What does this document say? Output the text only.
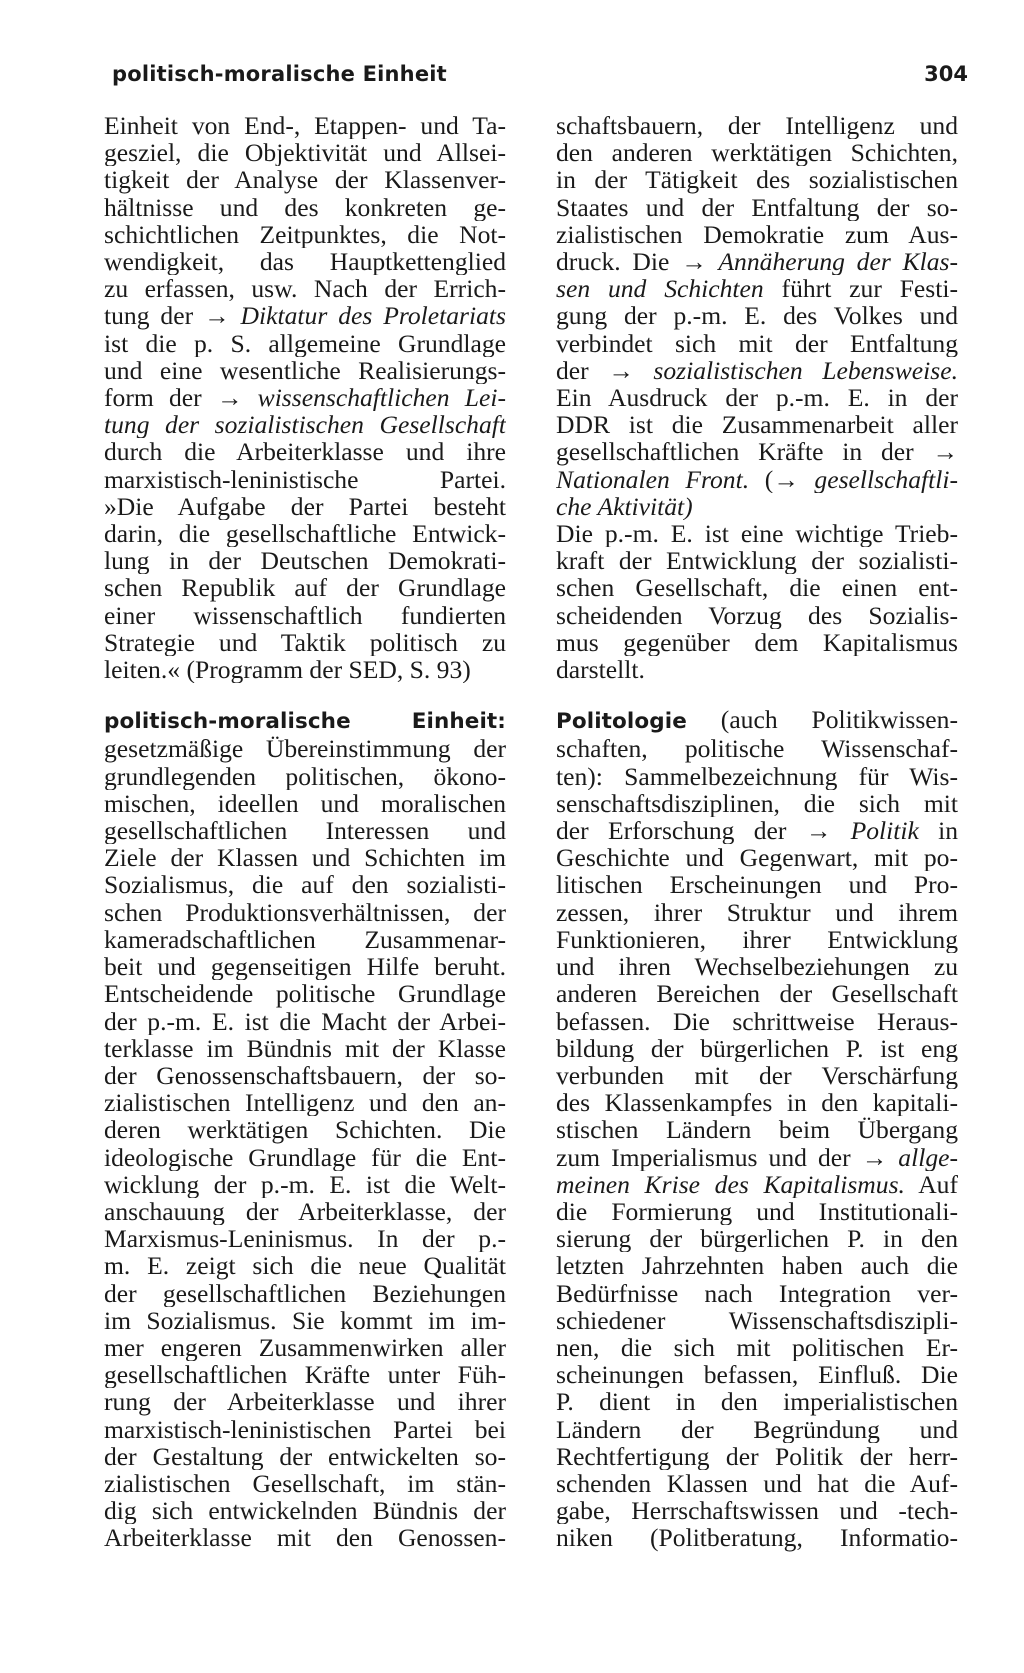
politisch-moralische Einheit	304
Einheit von End-, Etappen- und Ta-
gesziel, die Objektivität und Allsei-
tigkeit der Analyse der Klassenver-
hältnisse und des konkreten ge-
schichtlichen Zeitpunktes, die Not-
wendigkeit, das Hauptkettenglied
zu erfassen, usw. Nach der Errich-
tung der → Diktatur des Proletariats
ist die p. S. allgemeine Grundlage
und eine wesentliche Realisierungs-
form der → wissenschaftlichen Lei-
tung der sozialistischen Gesellschaft
durch die Arbeiterklasse und ihre
marxistisch-leninistische Partei.
»Die Aufgabe der Partei besteht
darin, die gesellschaftliche Entwick-
lung in der Deutschen Demokrati-
schen Republik auf der Grundlage
einer wissenschaftlich fundierten
Strategie und Taktik politisch zu
leiten.« (Programm der SED, S. 93)
politisch-moralische Einheit:
gesetzmäßige Übereinstimmung der
grundlegenden politischen, ökono-
mischen, ideellen und moralischen
gesellschaftlichen Interessen und
Ziele der Klassen und Schichten im
Sozialismus, die auf den sozialisti-
schen Produktionsverhältnissen, der
kameradschaftlichen Zusammenar-
beit und gegenseitigen Hilfe beruht.
Entscheidende politische Grundlage
der p.-m. E. ist die Macht der Arbei-
terklasse im Bündnis mit der Klasse
der Genossenschaftsbauern, der so-
zialistischen Intelligenz und den an-
deren werktätigen Schichten. Die
ideologische Grundlage für die Ent-
wicklung der p.-m. E. ist die Welt-
anschauung der Arbeiterklasse, der
Marxismus-Leninismus. In der p.-
m. E. zeigt sich die neue Qualität
der gesellschaftlichen Beziehungen
im Sozialismus. Sie kommt im im-
mer engeren Zusammenwirken aller
gesellschaftlichen Kräfte unter Füh-
rung der Arbeiterklasse und ihrer
marxistisch-leninistischen Partei bei
der Gestaltung der entwickelten so-
zialistischen Gesellschaft, im stän-
dig sich entwickelnden Bündnis der
Arbeiterklasse mit den Genossen-
schaftsbauern, der Intelligenz und
den anderen werktätigen Schichten,
in der Tätigkeit des sozialistischen
Staates und der Entfaltung der so-
zialistischen Demokratie zum Aus-
druck. Die → Annäherung der Klas-
sen und Schichten führt zur Festi-
gung der p.-m. E. des Volkes und
verbindet sich mit der Entfaltung
der → sozialistischen Lebensweise.
Ein Ausdruck der p.-m. E. in der
DDR ist die Zusammenarbeit aller
gesellschaftlichen Kräfte in der →
Nationalen Front. (→ gesellschaftli-
che Aktivität)
Die p.-m. E. ist eine wichtige Trieb-
kraft der Entwicklung der sozialisti-
schen Gesellschaft, die einen ent-
scheidenden Vorzug des Sozialis-
mus gegenüber dem Kapitalismus
darstellt.
Politologie (auch Politikwissen-
schaften, politische Wissenschaf-
ten): Sammelbezeichnung für Wis-
senschaftsdisziplinen, die sich mit
der Erforschung der → Politik in
Geschichte und Gegenwart, mit po-
litischen Erscheinungen und Pro-
zessen, ihrer Struktur und ihrem
Funktionieren, ihrer Entwicklung
und ihren Wechselbeziehungen zu
anderen Bereichen der Gesellschaft
befassen. Die schrittweise Heraus-
bildung der bürgerlichen P. ist eng
verbunden mit der Verschärfung
des Klassenkampfes in den kapitali-
stischen Ländern beim Übergang
zum Imperialismus und der → allge-
meinen Krise des Kapitalismus. Auf
die Formierung und Institutionali-
sierung der bürgerlichen P. in den
letzten Jahrzehnten haben auch die
Bedürfnisse nach Integration ver-
schiedener Wissenschaftsdiszipli-
nen, die sich mit politischen Er-
scheinungen befassen, Einfluß. Die
P. dient in den imperialistischen
Ländern der Begründung und
Rechtfertigung der Politik der herr-
schenden Klassen und hat die Auf-
gabe, Herrschaftswissen und -tech-
niken (Politberatung, Informatio-
